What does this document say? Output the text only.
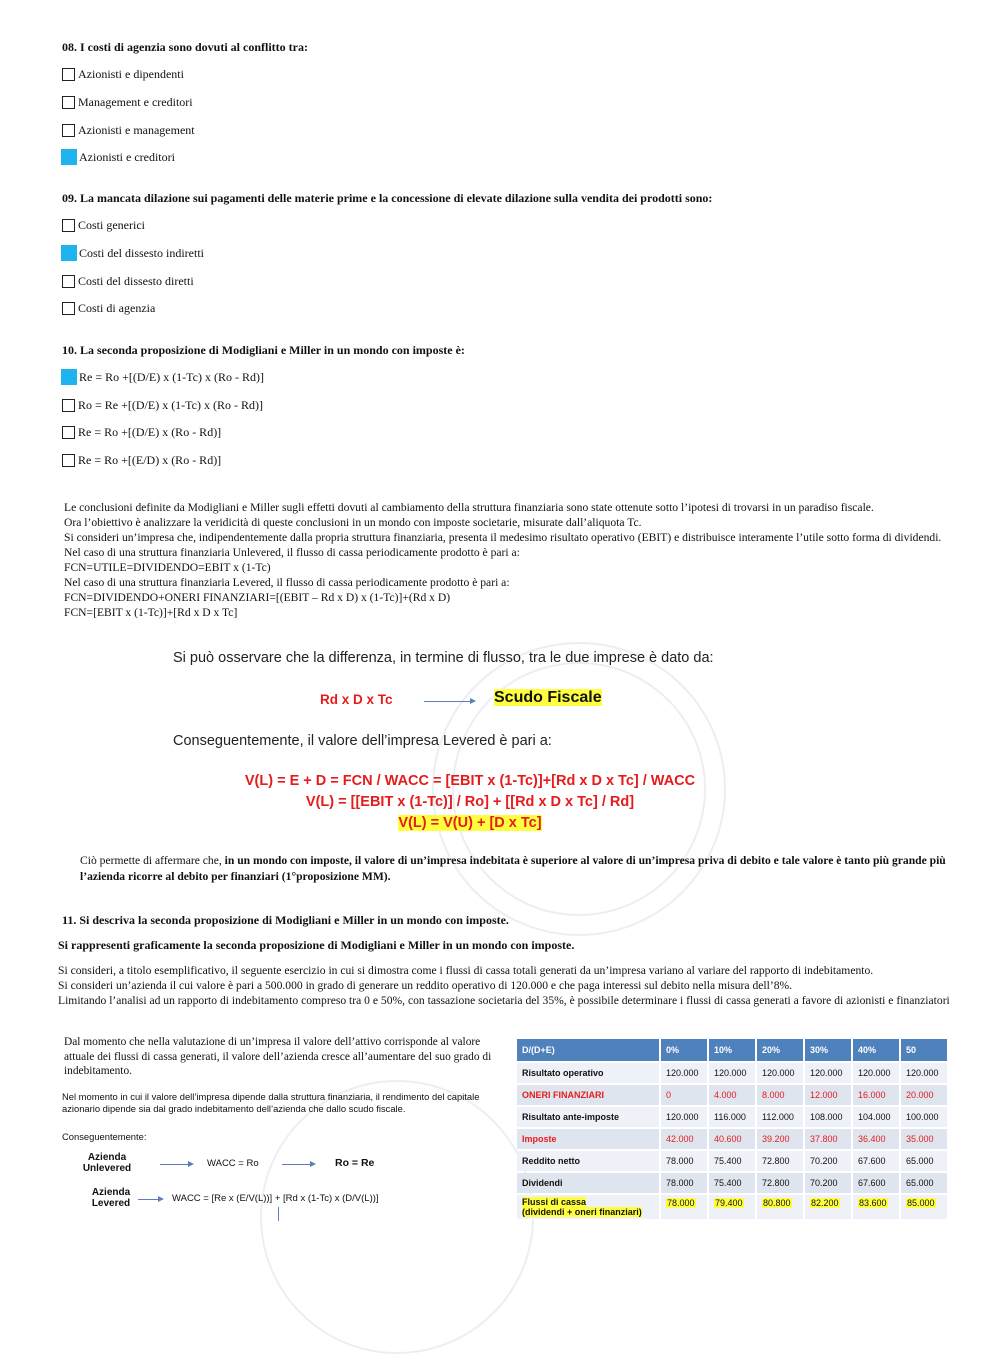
08. I costi di agenzia sono dovuti al conflitto tra:
Azionisti e dipendenti
Management e creditori
Azionisti e management
Azionisti e creditori
09. La mancata dilazione sui pagamenti delle materie prime e la concessione di elevate dilazione sulla vendita dei prodotti sono:
Costi generici
Costi del dissesto indiretti
Costi del dissesto diretti
Costi di agenzia
10. La seconda proposizione di Modigliani e Miller in un mondo con imposte è:
Re = Ro +[(D/E) x (1-Tc) x (Ro - Rd)]
Ro = Re +[(D/E) x (1-Tc) x (Ro - Rd)]
Re = Ro +[(D/E) x (Ro - Rd)]
Re = Ro +[(E/D) x (Ro - Rd)]
Le conclusioni definite da Modigliani e Miller sugli effetti dovuti al cambiamento della struttura finanziaria sono state ottenute sotto l’ipotesi di trovarsi in un paradiso fiscale.
Ora l’obiettivo è analizzare la veridicità di queste conclusioni in un mondo con imposte societarie, misurate dall’aliquota Tc.
Si consideri un’impresa che, indipendentemente dalla propria struttura finanziaria, presenta il medesimo risultato operativo (EBIT) e distribuisce interamente l’utile sotto forma di dividendi.
Nel caso di una struttura finanziaria Unlevered, il flusso di cassa periodicamente prodotto è pari a:
FCN=UTILE=DIVIDENDO=EBIT x (1-Tc)
Nel caso di una struttura finanziaria Levered, il flusso di cassa periodicamente prodotto è pari a:
FCN=DIVIDENDO+ONERI FINANZIARI=[(EBIT – Rd x D) x (1-Tc)]+(Rd x D)
FCN=[EBIT x (1-Tc)]+[Rd x D x Tc]
Si può osservare che la differenza, in termine di flusso, tra le due imprese è dato da:
Rd x D x Tc	Scudo Fiscale
Conseguentemente, il valore dell’impresa Levered è pari a:
V(L) = E + D = FCN / WACC = [EBIT x (1-Tc)]+[Rd x D x Tc] / WACC
V(L) = [[EBIT x (1-Tc)] / Ro] + [[Rd x D x Tc] / Rd]
V(L) = V(U) + [D x Tc]
Ciò permette di affermare che, in un mondo con imposte, il valore di un’impresa indebitata è superiore al valore di un’impresa priva di debito e tale valore è tanto più grande più l’azienda ricorre al debito per finanziari (1°proposizione MM).
11. Si descriva la seconda proposizione di Modigliani e Miller in un mondo con imposte.
Si rappresenti graficamente la seconda proposizione di Modigliani e Miller in un mondo con imposte.
Si consideri, a titolo esemplificativo, il seguente esercizio in cui si dimostra come i flussi di cassa totali generati da un’impresa variano al variare del rapporto di indebitamento.
Si consideri un’azienda il cui valore è pari a 500.000 in grado di generare un reddito operativo di 120.000 e che paga interessi sul debito nella misura dell’8%.
Limitando l’analisi ad un rapporto di indebitamento compreso tra 0 e 50%, con tassazione societaria del 35%, è possibile determinare i flussi di cassa generati a favore di azionisti e finanziatori
Dal momento che nella valutazione di un’impresa il valore dell’attivo corrisponde al valore attuale dei flussi di cassa generati, il valore dell’azienda cresce all’aumentare del suo grado di indebitamento.
Nel momento in cui il valore dell’impresa dipende dalla struttura finanziaria, il rendimento del capitale azionario dipende sia dal grado indebitamento dell’azienda che dallo scudo fiscale.
Conseguentemente:
Azienda Unlevered	WACC = Ro	Ro = Re
Azienda Levered	WACC = [Re x (E/V(L))] + [Rd x (1-Tc) x (D/V(L))]
D/(D+E)	0%	10%	20%	30%	40%	50
Risultato operativo	120.000	120.000	120.000	120.000	120.000	120.000
ONERI FINANZIARI	0	4.000	8.000	12.000	16.000	20.000
Risultato ante-imposte	120.000	116.000	112.000	108.000	104.000	100.000
Imposte	42.000	40.600	39.200	37.800	36.400	35.000
Reddito netto	78.000	75.400	72.800	70.200	67.600	65.000
Dividendi	78.000	75.400	72.800	70.200	67.600	65.000
Flussi di cassa
(dividendi + oneri finanziari)	78.000	79.400	80.800	82.200	83.600	85.000
